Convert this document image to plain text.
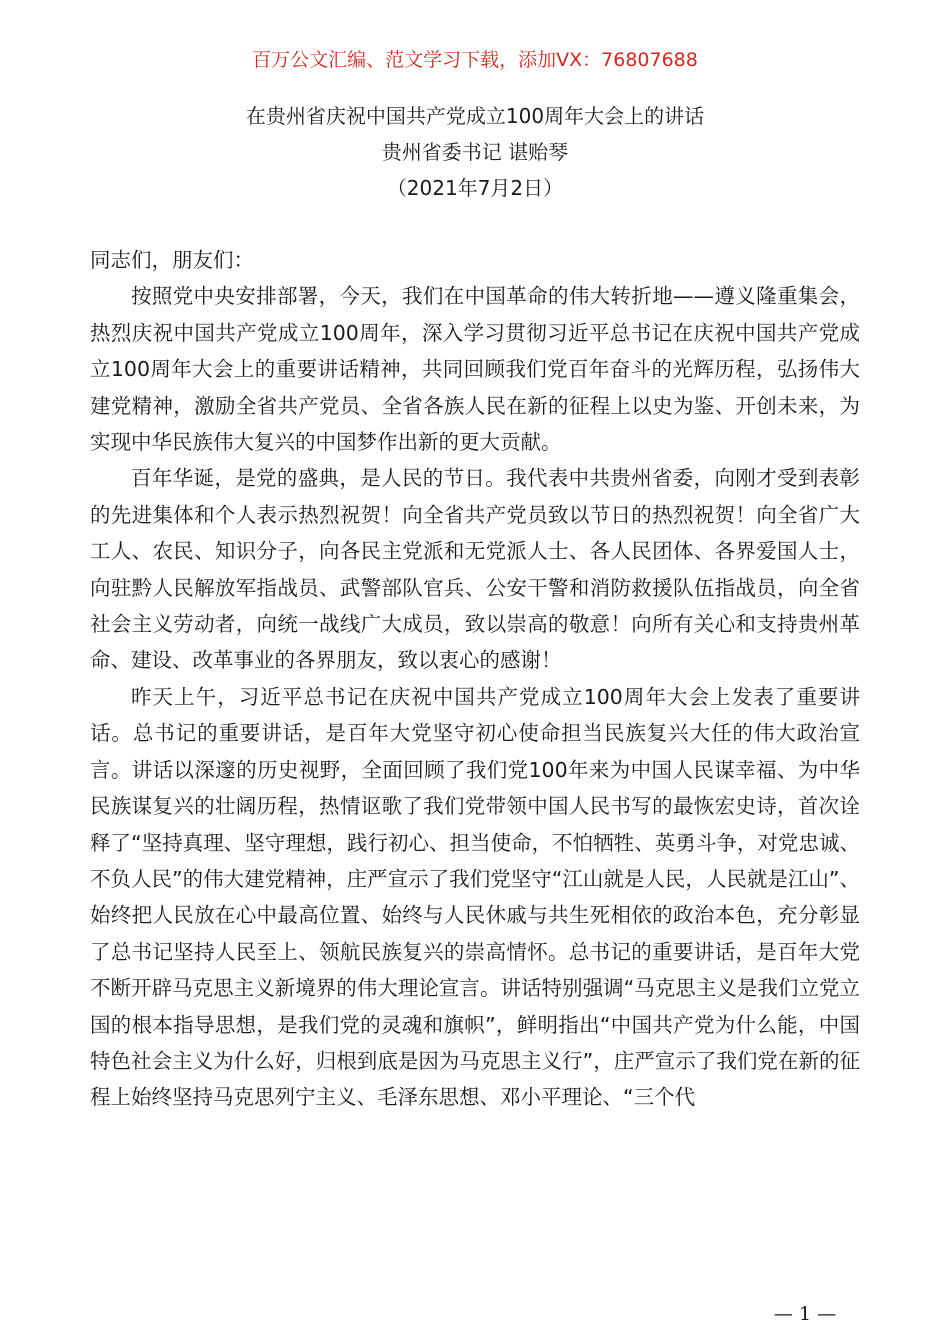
百万公文汇编、范文学习下载，添加VX：76807688
在贵州省庆祝中国共产党成立100周年大会上的讲话
贵州省委书记 谌贻琴
（2021年7月2日）

同志们，朋友们：

按照党中央安排部署，今天，我们在中国革命的伟大转折地——遵义隆重集会，热烈庆祝中国共产党成立100周年，深入学习贯彻习近平总书记在庆祝中国共产党成立100周年大会上的重要讲话精神，共同回顾我们党百年奋斗的光辉历程，弘扬伟大建党精神，激励全省共产党员、全省各族人民在新的征程上以史为鉴、开创未来，为实现中华民族伟大复兴的中国梦作出新的更大贡献。

百年华诞，是党的盛典，是人民的节日。我代表中共贵州省委，向刚才受到表彰的先进集体和个人表示热烈祝贺！向全省共产党员致以节日的热烈祝贺！向全省广大工人、农民、知识分子，向各民主党派和无党派人士、各人民团体、各界爱国人士，向驻黔人民解放军指战员、武警部队官兵、公安干警和消防救援队伍指战员，向全省社会主义劳动者，向统一战线广大成员，致以崇高的敬意！向所有关心和支持贵州革命、建设、改革事业的各界朋友，致以衷心的感谢！

昨天上午，习近平总书记在庆祝中国共产党成立100周年大会上发表了重要讲话。总书记的重要讲话，是百年大党坚守初心使命担当民族复兴大任的伟大政治宣言。讲话以深邃的历史视野，全面回顾了我们党100年来为中国人民谋幸福、为中华民族谋复兴的壮阔历程，热情讴歌了我们党带领中国人民书写的最恢宏史诗，首次诠释了“坚持真理、坚守理想，践行初心、担当使命，不怕牺牲、英勇斗争，对党忠诚、不负人民”的伟大建党精神，庄严宣示了我们党坚守“江山就是人民，人民就是江山”、始终把人民放在心中最高位置、始终与人民休戚与共生死相依的政治本色，充分彰显了总书记坚持人民至上、领航民族复兴的崇高情怀。总书记的重要讲话，是百年大党不断开辟马克思主义新境界的伟大理论宣言。讲话特别强调“马克思主义是我们立党立国的根本指导思想，是我们党的灵魂和旗帜”，鲜明指出“中国共产党为什么能，中国特色社会主义为什么好，归根到底是因为马克思主义行”，庄严宣示了我们党在新的征程上始终坚持马克思列宁主义、毛泽东思想、邓小平理论、“三个代

— 1 —
